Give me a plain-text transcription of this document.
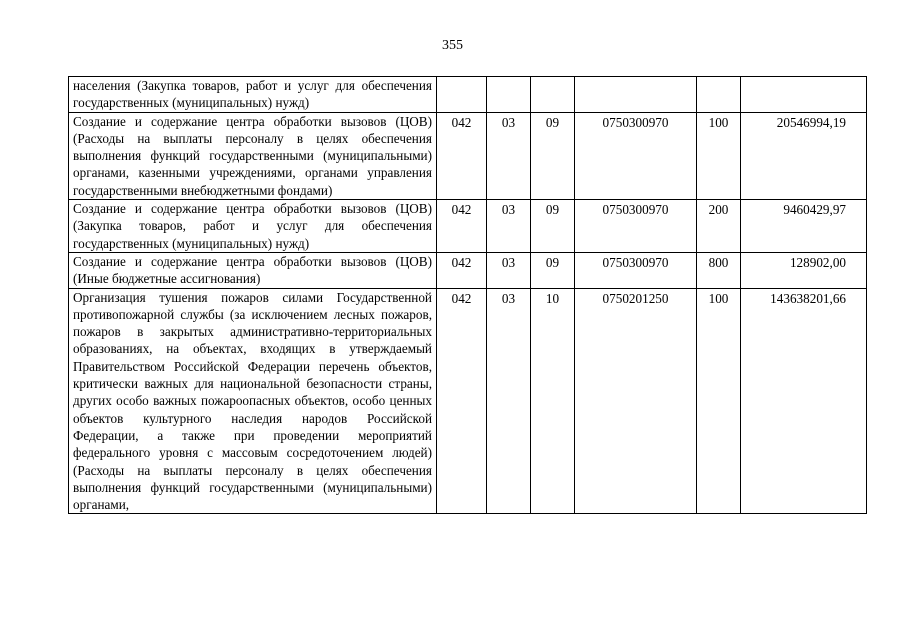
355
населения (Закупка товаров, работ и услуг для обеспечения государственных (муниципальных) нужд)						
Создание и содержание центра обработки вызовов (ЦОВ) (Расходы на выплаты персоналу в целях обеспечения выполнения функций государственными (муниципальными) органами, казенными учреждениями, органами управления государственными внебюджетными фондами)	042	03	09	0750300970	100	20546994,19
Создание и содержание центра обработки вызовов (ЦОВ) (Закупка товаров, работ и услуг для обеспечения государственных (муниципальных) нужд)	042	03	09	0750300970	200	9460429,97
Создание и содержание центра обработки вызовов (ЦОВ) (Иные бюджетные ассигнования)	042	03	09	0750300970	800	128902,00
Организация тушения пожаров силами Государственной противопожарной службы (за исключением лесных пожаров, пожаров в закрытых административно-территориальных образованиях, на объектах, входящих в утверждаемый Правительством Российской Федерации перечень объектов, критически важных для национальной безопасности страны, других особо важных пожароопасных объектов, особо ценных объектов культурного наследия народов Российской Федерации, а также при проведении мероприятий федерального уровня с массовым сосредоточением людей) (Расходы на выплаты персоналу в целях обеспечения выполнения функций государственными (муниципальными) органами,	042	03	10	0750201250	100	143638201,66
